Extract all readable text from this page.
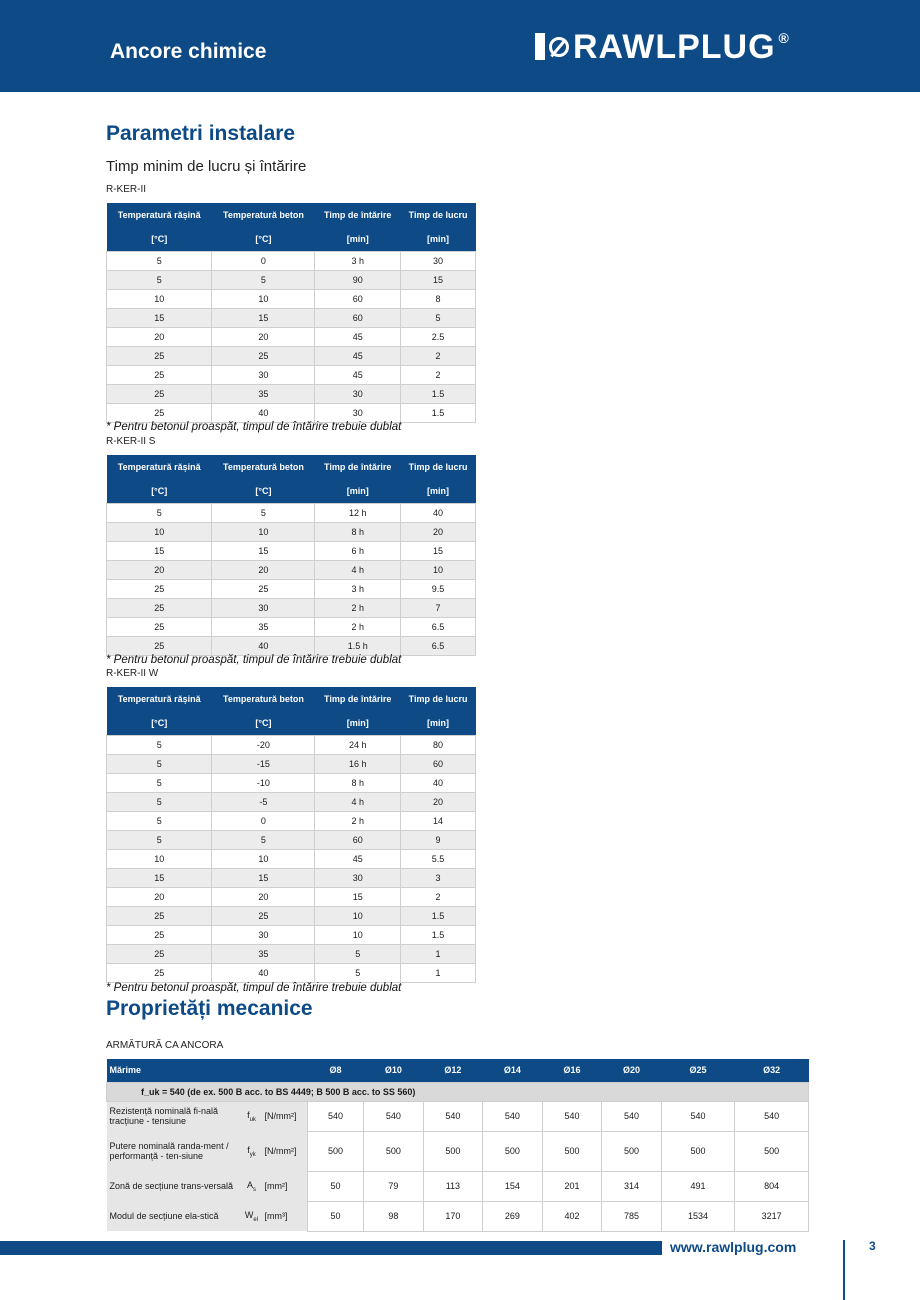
Ancore chimice	RAWLPLUG ®
Parametri instalare
Timp minim de lucru și întărire
R-KER-II
Temperatură rășină	Temperatură beton	Timp de întărire	Timp de lucru
[°C]	[°C]	[min]	[min]
5	0	3 h	30
5	5	90	15
10	10	60	8
15	15	60	5
20	20	45	2.5
25	25	45	2
25	30	45	2
25	35	30	1.5
25	40	30	1.5
* Pentru betonul proaspăt, timpul de întărire trebuie dublat
R-KER-II S
Temperatură rășină	Temperatură beton	Timp de întărire	Timp de lucru
[°C]	[°C]	[min]	[min]
5	5	12 h	40
10	10	8 h	20
15	15	6 h	15
20	20	4 h	10
25	25	3 h	9.5
25	30	2 h	7
25	35	2 h	6.5
25	40	1.5 h	6.5
* Pentru betonul proaspăt, timpul de întărire trebuie dublat
R-KER-II W
Temperatură rășină	Temperatură beton	Timp de întărire	Timp de lucru
[°C]	[°C]	[min]	[min]
5	-20	24 h	80
5	-15	16 h	60
5	-10	8 h	40
5	-5	4 h	20
5	0	2 h	14
5	5	60	9
10	10	45	5.5
15	15	30	3
20	20	15	2
25	25	10	1.5
25	30	10	1.5
25	35	5	1
25	40	5	1
* Pentru betonul proaspăt, timpul de întărire trebuie dublat
Proprietăți mecanice
ARMĂTURĂ CA ANCORA
Mărime			Ø8	Ø10	Ø12	Ø14	Ø16	Ø20	Ø25	Ø32
f_uk = 540 (de ex. 500 B acc. to BS 4449; B 500 B acc. to SS 560)										
Rezistență nominală fi-nală tracțiune - tensiune	$f_{uk}$	[N/mm²]	540	540	540	540	540	540	540	540
Putere nominală randa-ment / performanță - ten-siune	$f_{yk}$	[N/mm²]	500	500	500	500	500	500	500	500
Zonă de secțiune trans-versală	$A_s$	[mm²]	50	79	113	154	201	314	491	804
Modul de secțiune ela-stică	$W_{el}$	[mm³]	50	98	170	269	402	785	1534	3217
www.rawlplug.com	3
